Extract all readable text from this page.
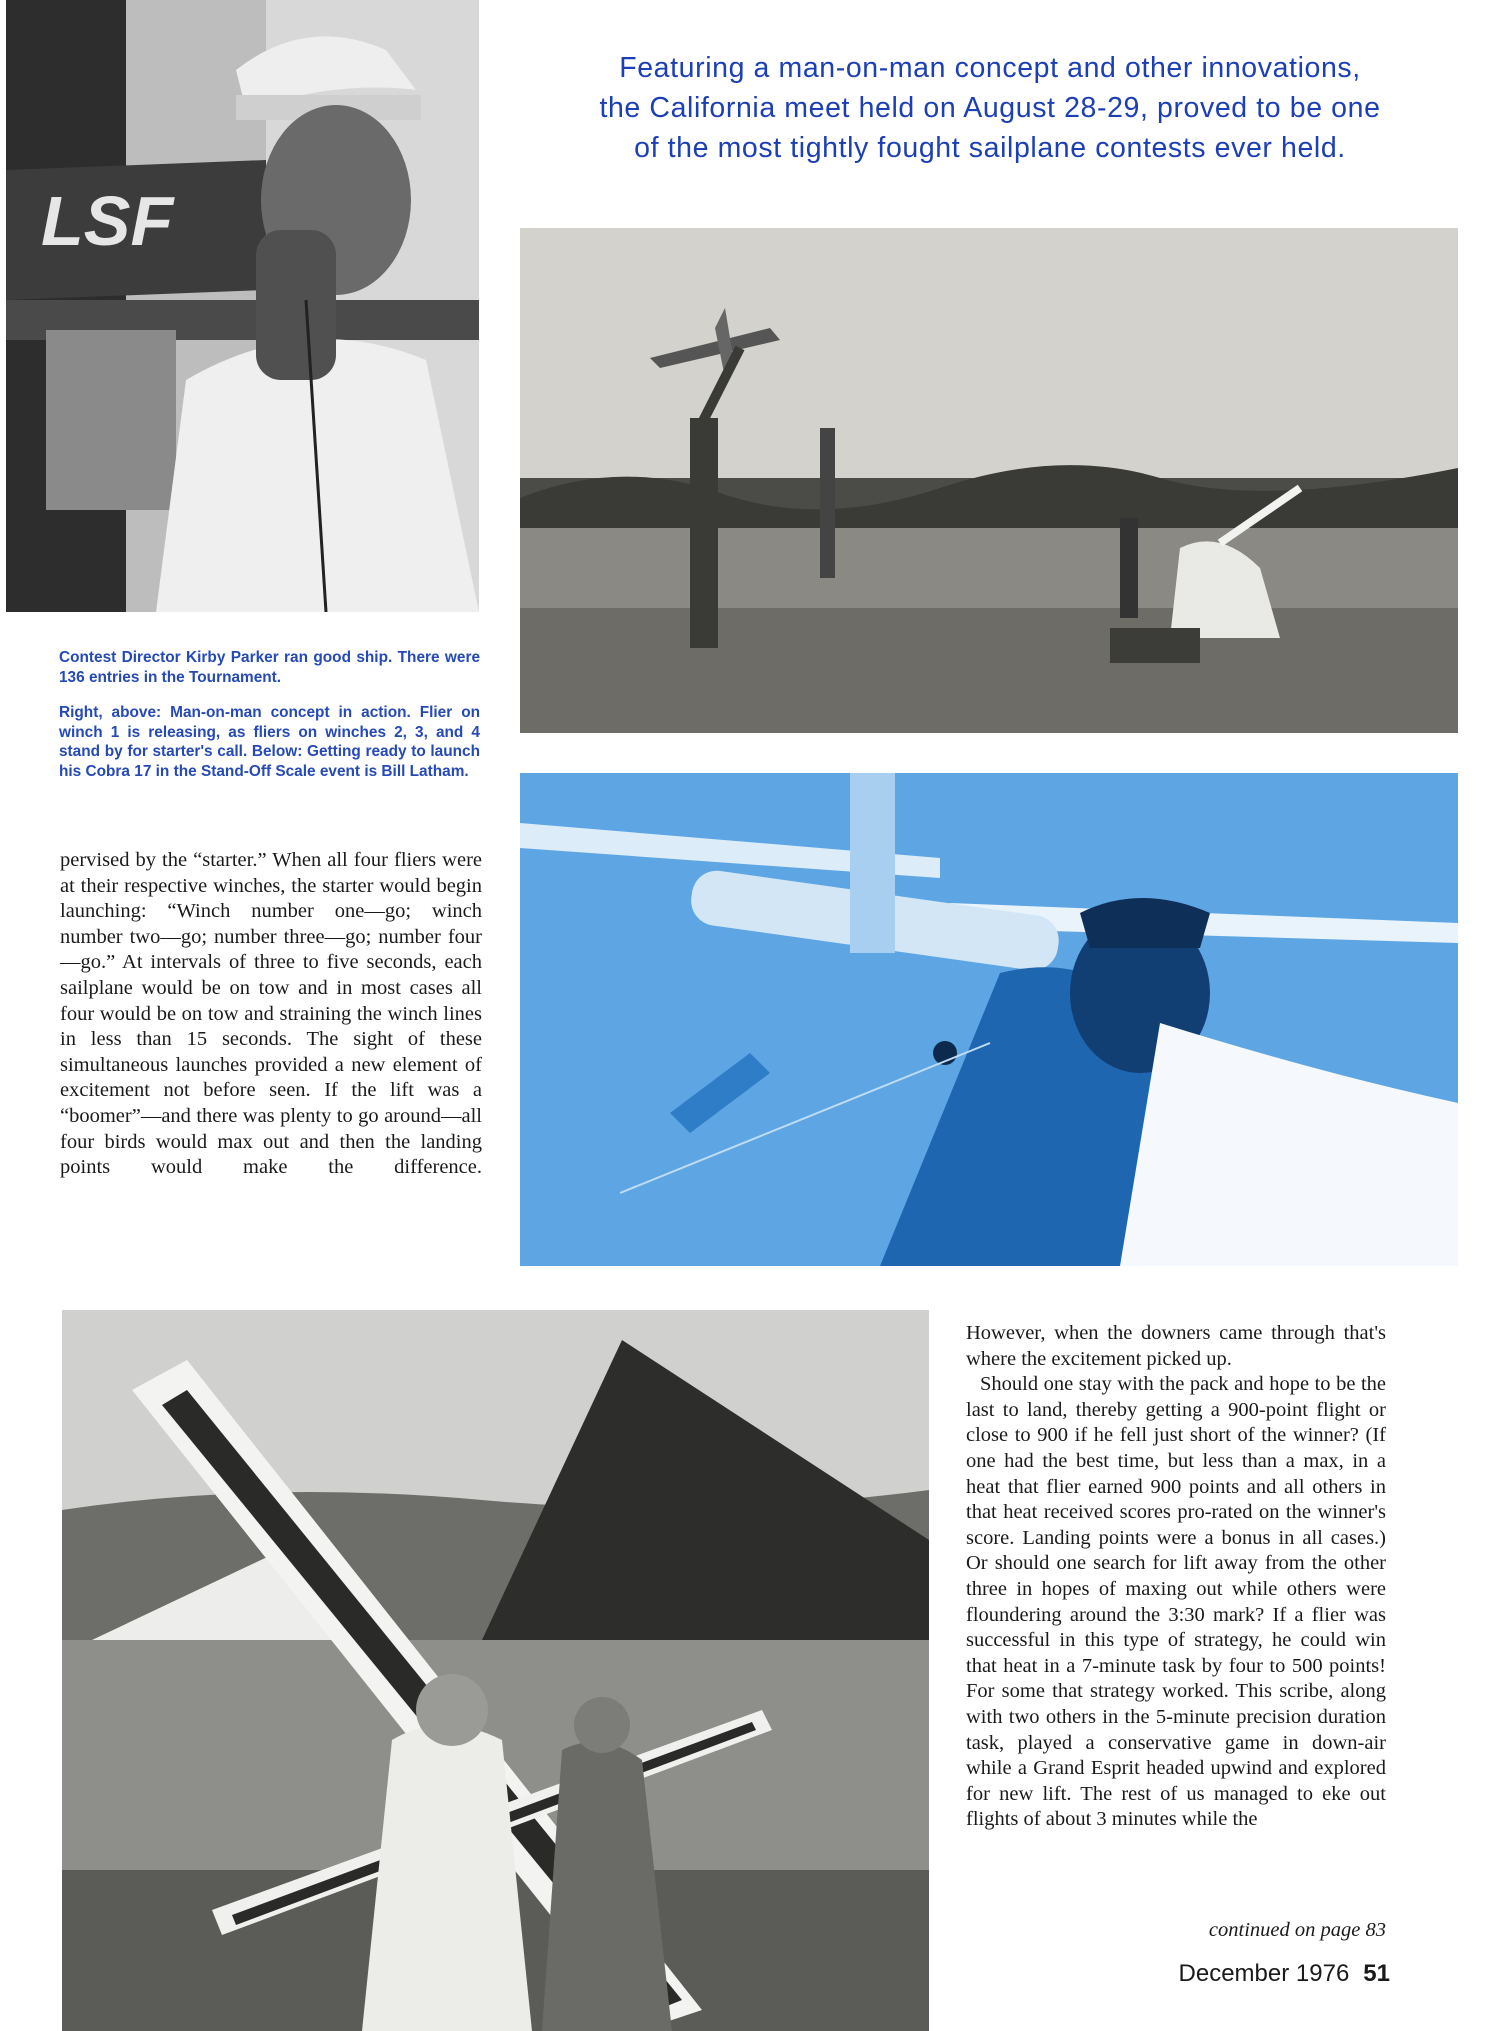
LSF
Featuring a man-on-man concept and other innovations,
the California meet held on August 28-29, proved to be one
of the most tightly fought sailplane contests ever held.

Contest Director Kirby Parker ran good ship. There were 136 entries in the Tournament.

Right, above: Man-on-man concept in action. Flier on winch 1 is releasing, as fliers on winches 2, 3, and 4 stand by for starter's call. Below: Getting ready to launch his Cobra 17 in the Stand-Off Scale event is Bill Latham.

pervised by the “starter.” When all four fliers were at their respective winches, the starter would begin launching: “Winch number one—go; winch number two—go; number three—go; number four—go.” At intervals of three to five seconds, each sailplane would be on tow and in most cases all four would be on tow and straining the winch lines in less than 15 seconds. The sight of these simultaneous launches provided a new element of excitement not before seen. If the lift was a “boomer”—and there was plenty to go around—all four birds would max out and then the landing points would make the difference.

However, when the downers came through that's where the excitement picked up.

Should one stay with the pack and hope to be the last to land, thereby getting a 900-point flight or close to 900 if he fell just short of the winner? (If one had the best time, but less than a max, in a heat that flier earned 900 points and all others in that heat received scores pro-rated on the winner's score. Landing points were a bonus in all cases.) Or should one search for lift away from the other three in hopes of maxing out while others were floundering around the 3:30 mark? If a flier was successful in this type of strategy, he could win that heat in a 7-minute task by four to 500 points! For some that strategy worked. This scribe, along with two others in the 5-minute precision duration task, played a conservative game in down-air while a Grand Esprit headed upwind and explored for new lift. The rest of us managed to eke out flights of about 3 minutes while the

continued on page 83
December 1976 51
